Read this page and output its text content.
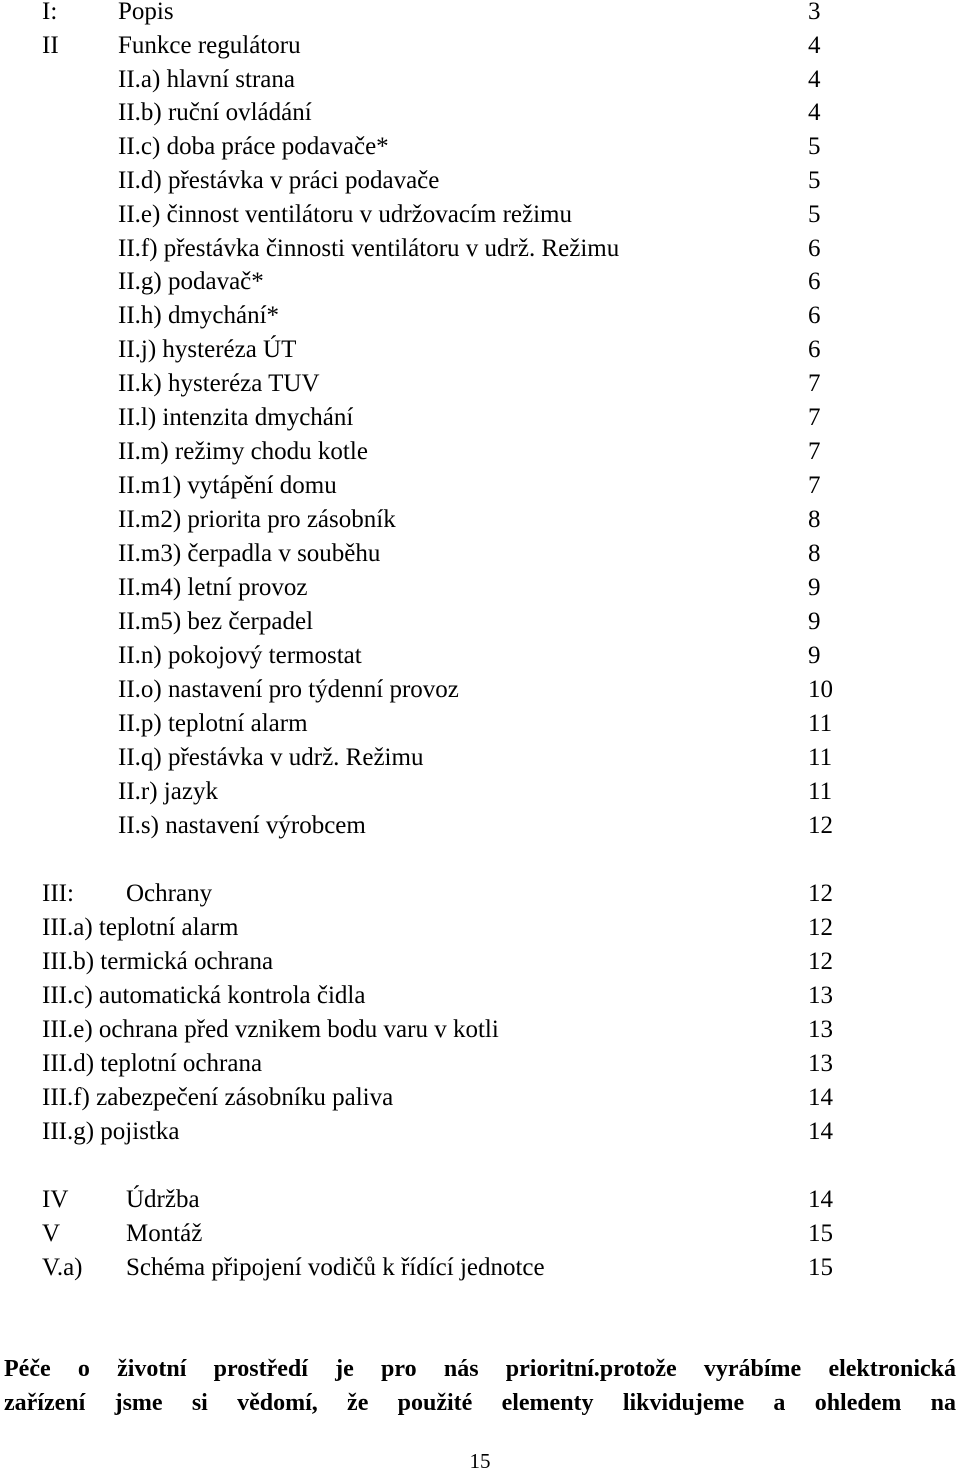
I: Popis	3
II Funkce regulátoru	4
II.a) hlavní strana	4
II.b) ruční ovládání	4
II.c) doba práce podavače*	5
II.d) přestávka v práci podavače	5
II.e) činnost ventilátoru v udržovacím režimu	5
II.f) přestávka činnosti ventilátoru v udrž. Režimu	6
II.g) podavač*	6
II.h) dmychání*	6
II.j) hysteréza ÚT	6
II.k) hysteréza TUV	7
II.l) intenzita dmychání	7
II.m) režimy chodu kotle	7
II.m1) vytápění domu	7
II.m2) priorita pro zásobník	8
II.m3) čerpadla v souběhu	8
II.m4) letní provoz	9
II.m5) bez čerpadel	9
II.n) pokojový termostat	9
II.o) nastavení pro týdenní provoz	10
II.p) teplotní alarm	11
II.q) přestávka v udrž. Režimu	11
II.r) jazyk	11
II.s) nastavení výrobcem	12
III: Ochrany	12
III.a) teplotní alarm	12
III.b) termická ochrana	12
III.c) automatická kontrola čidla	13
III.e) ochrana před vznikem bodu varu v kotli	13
III.d) teplotní ochrana	13
III.f) zabezpečení zásobníku paliva	14
III.g) pojistka	14
IV Údržba	14
V	Montáž	15
V.a) Schéma připojení vodičů k řídící jednotce	15
Péče o životní prostředí je pro nás prioritní.protože vyrábíme elektronická
zařízení jsme si vědomí, že použité elementy likvidujeme a ohledem na
15
